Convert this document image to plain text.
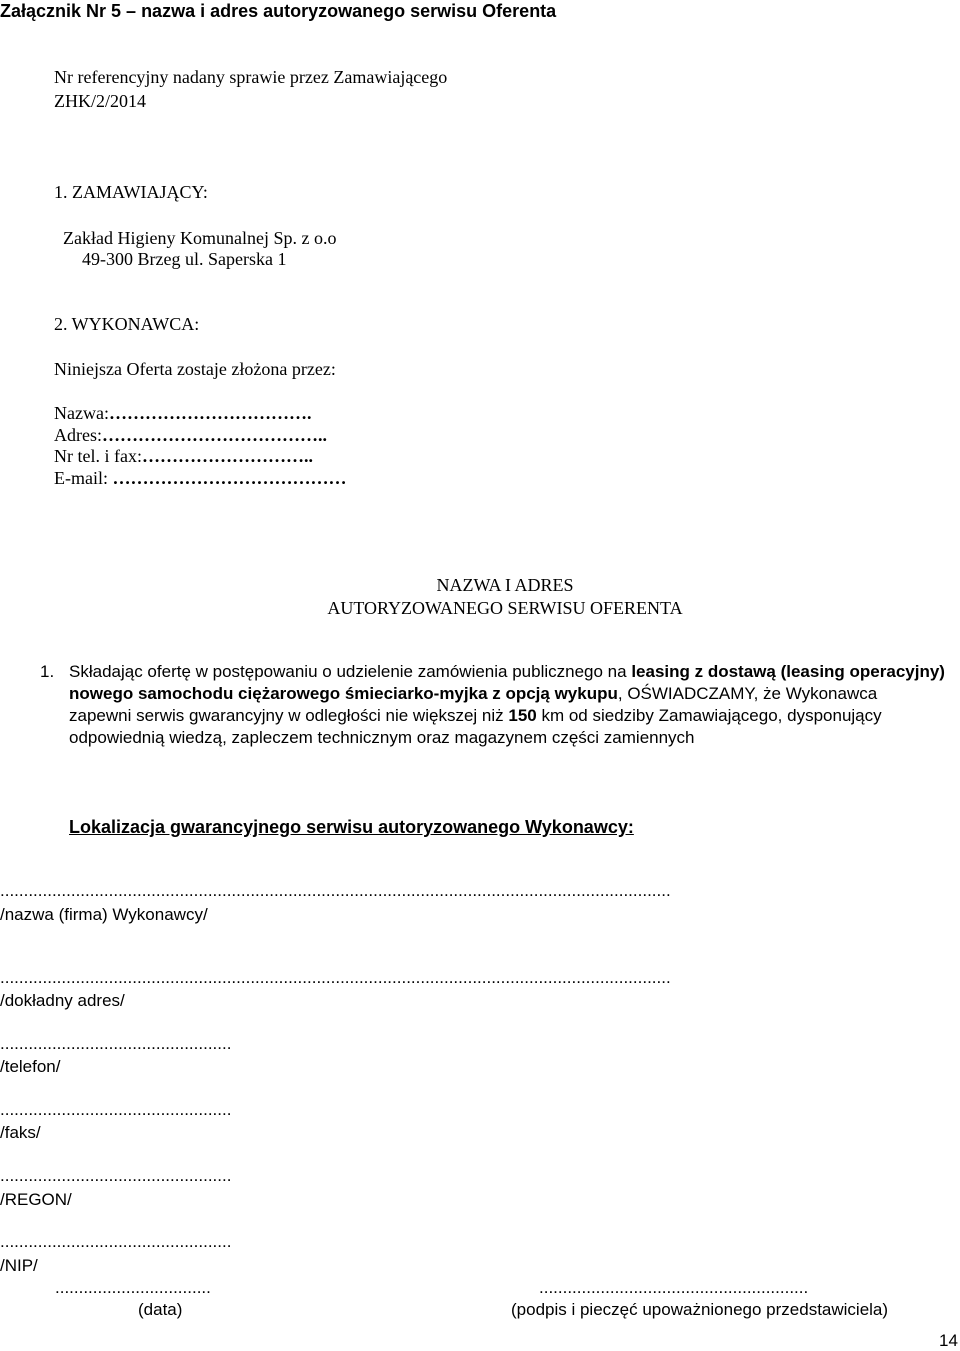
Załącznik Nr 5 – nazwa i adres autoryzowanego serwisu Oferenta
Nr referencyjny nadany sprawie przez Zamawiającego
ZHK/2/2014
1. ZAMAWIAJĄCY:
Zakład Higieny Komunalnej Sp. z o.o
49-300 Brzeg ul. Saperska 1
2. WYKONAWCA:
Niniejsza Oferta zostaje złożona przez:
Nazwa:…………………………….
Adres:………………………………..
Nr tel. i fax:………………………..
E-mail: …………………………………
NAZWA I ADRES
AUTORYZOWANEGO SERWISU OFERENTA
1. Składając ofertę w postępowaniu o udzielenie zamówienia publicznego na leasing z dostawą (leasing operacyjny)
nowego samochodu ciężarowego śmieciarko-myjka z opcją wykupu, OŚWIADCZAMY, że Wykonawca
zapewni serwis gwarancyjny w odległości nie większej niż 150 km od siedziby Zamawiającego, dysponujący
odpowiednią wiedzą, zapleczem technicznym oraz magazynem części zamiennych
Lokalizacja gwarancyjnego serwisu autoryzowanego Wykonawcy:
..............................................................................................................................................
/nazwa (firma) Wykonawcy/
..............................................................................................................................................
/dokładny adres/
.................................................
/telefon/
.................................................
/faks/
.................................................
/REGON/
.................................................
/NIP/
.................................
(data)
.........................................................
(podpis i pieczęć upoważnionego przedstawiciela)
14
